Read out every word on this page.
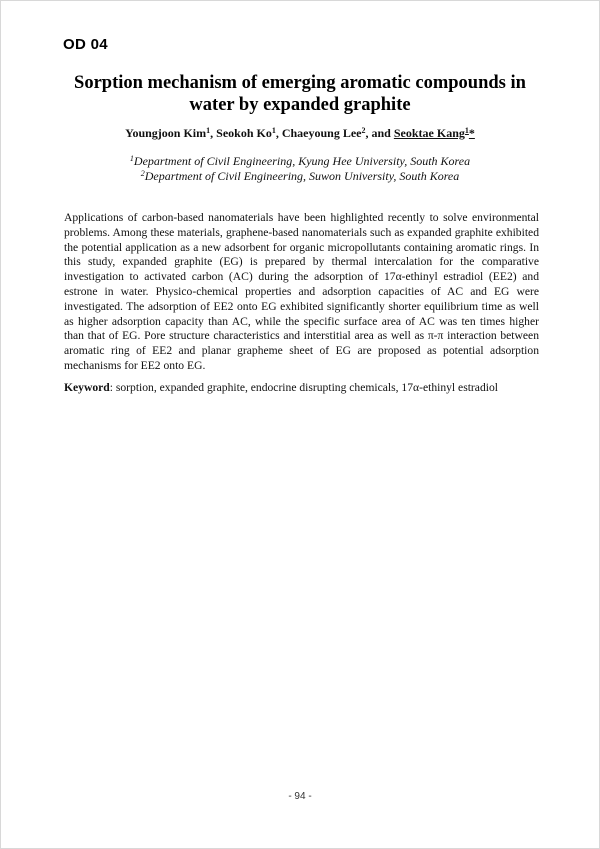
OD 04
Sorption mechanism of emerging aromatic compounds in
water by expanded graphite
Youngjoon Kim$^1$, Seokoh Ko$^1$, Chaeyoung Lee$^2$, and Seoktae Kang$^1$*
$^1$Department of Civil Engineering, Kyung Hee University, South Korea
$^2$Department of Civil Engineering, Suwon University, South Korea

Applications of carbon-based nanomaterials have been highlighted recently to solve environmental problems. Among these materials, graphene-based nanomaterials such as expanded graphite exhibited the potential application as a new adsorbent for organic micropollutants containing aromatic rings. In this study, expanded graphite (EG) is prepared by thermal intercalation for the comparative investigation to activated carbon (AC) during the adsorption of 17α-ethinyl estradiol (EE2) and estrone in water. Physico-chemical properties and adsorption capacities of AC and EG were investigated. The adsorption of EE2 onto EG exhibited significantly shorter equilibrium time as well as higher adsorption capacity than AC, while the specific surface area of AC was ten times higher than that of EG. Pore structure characteristics and interstitial area as well as π-π interaction between aromatic ring of EE2 and planar grapheme sheet of EG are proposed as potential adsorption mechanisms for EE2 onto EG.

Keyword: sorption, expanded graphite, endocrine disrupting chemicals, 17α-ethinyl estradiol
- 94 -
